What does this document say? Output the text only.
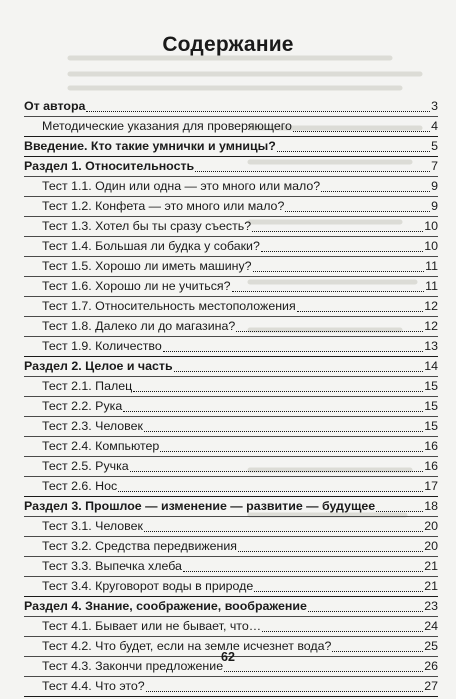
Содержание
От автора	3
Методические указания для проверяющего	4
Введение. Кто такие умнички и умницы?	5
Раздел 1. Относительность	7
Тест 1.1. Один или одна — это много или мало?	9
Тест 1.2. Конфета — это много или мало?	9
Тест 1.3. Хотел бы ты сразу съесть?	10
Тест 1.4. Большая ли будка у собаки?	10
Тест 1.5. Хорошо ли иметь машину?	11
Тест 1.6. Хорошо ли не учиться?	11
Тест 1.7. Относительность местоположения	12
Тест 1.8. Далеко ли до магазина?	12
Тест 1.9. Количество	13
Раздел 2. Целое и часть	14
Тест 2.1. Палец	15
Тест 2.2. Рука	15
Тест 2.3. Человек	15
Тест 2.4. Компьютер	16
Тест 2.5. Ручка	16
Тест 2.6. Нос	17
Раздел 3. Прошлое — изменение — развитие — будущее	18
Тест 3.1. Человек	20
Тест 3.2. Средства передвижения	20
Тест 3.3. Выпечка хлеба	21
Тест 3.4. Круговорот воды в природе	21
Раздел 4. Знание, соображение, воображение	23
Тест 4.1. Бывает или не бывает, что…	24
Тест 4.2. Что будет, если на земле исчезнет вода?	25
Тест 4.3. Закончи предложение	26
Тест 4.4. Что это?	27
62
